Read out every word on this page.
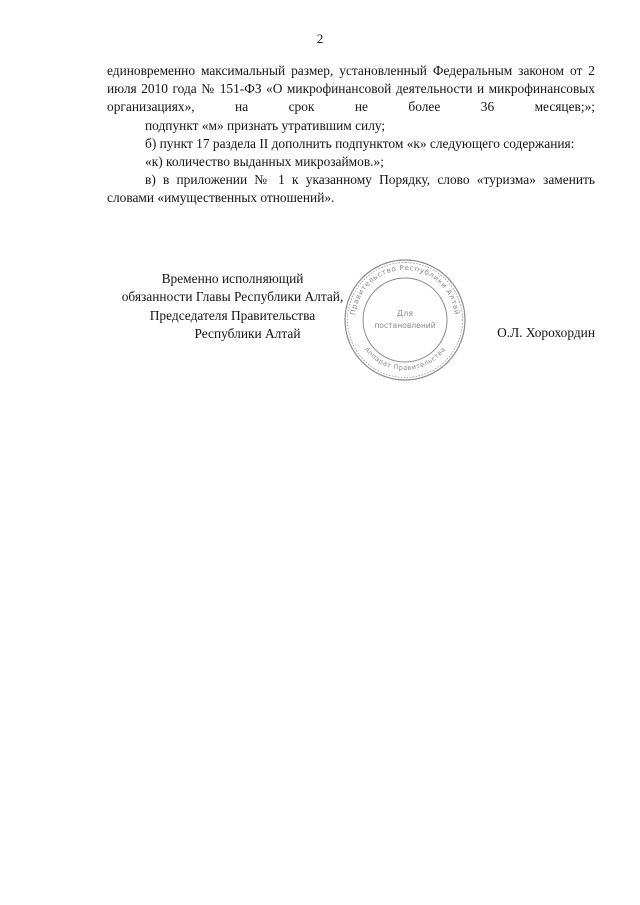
2

единовременно максимальный размер, установленный Федеральным законом от 2 июля 2010 года № 151-ФЗ «О микрофинансовой деятельности и микрофинансовых организациях», на срок не более 36 месяцев;»;

подпункт «м» признать утратившим силу;

б) пункт 17 раздела II дополнить подпунктом «к» следующего содержания:

«к) количество выданных микрозаймов.»;

в) в приложении № 1 к указанному Порядку, слово «туризма» заменить словами «имущественных отношений».

Временно исполняющий
обязанности Главы Республики Алтай,
Председателя Правительства
Республики Алтай	О.Л. Хорохордин
Правительство Республики Алтай
Аппарат Правительства
Для
постановлений
